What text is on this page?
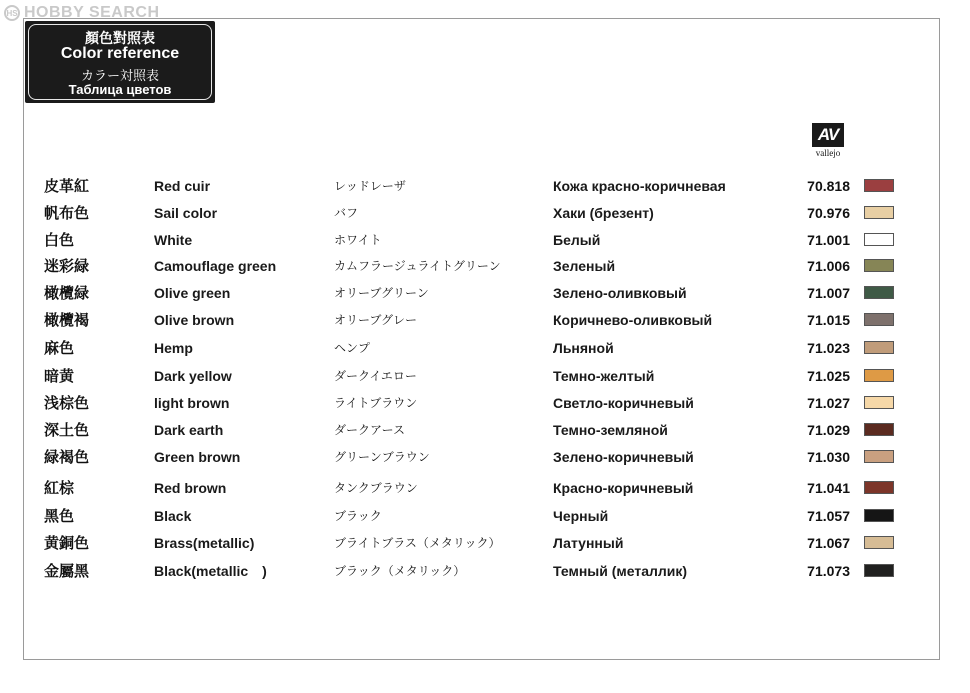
HS HOBBY SEARCH
顏色對照表
Color reference
カラー対照表
Таблица цветов
AV
vallejo
皮革紅	Red cuir	レッドレーザ	Кожа красно-коричневая	70.818
帆布色	Sail color	バフ	Хаки (брезент)	70.976
白色	White	ホワイト	Белый	71.001
迷彩緑	Camouflage green	カムフラージュライトグリーン	Зеленый	71.006
橄欖緑	Olive green	オリーブグリーン	Зелено-оливковый	71.007
橄欖褐	Olive brown	オリーブグレー	Коричнево-оливковый	71.015
麻色	Hemp	ヘンプ	Льняной	71.023
暗黄	Dark yellow	ダークイエロー	Темно-желтый	71.025
浅棕色	light brown	ライトブラウン	Светло-коричневый	71.027
深土色	Dark earth	ダークアース	Темно-земляной	71.029
緑褐色	Green brown	グリーンブラウン	Зелено-коричневый	71.030
紅棕	Red brown	タンクブラウン	Красно-коричневый	71.041
黑色	Black	ブラック	Черный	71.057
黄銅色	Brass(metallic)	ブライトブラス（メタリック）	Латунный	71.067
金屬黑	Black(metallic　)	ブラック（メタリック）	Темный (металлик)	71.073
